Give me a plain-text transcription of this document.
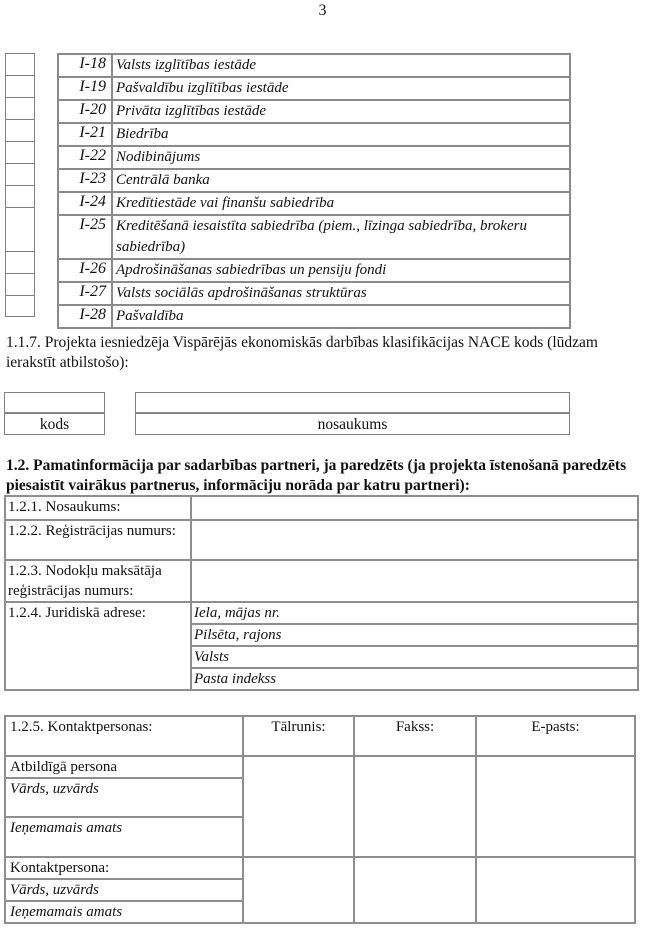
3
I-18	Valsts izglītības iestāde
I-19	Pašvaldību izglītības iestāde
I-20	Privāta izglītības iestāde
I-21	Biedrība
I-22	Nodibinājums
I-23	Centrālā banka
I-24	Kredītiestāde vai finanšu sabiedrība
I-25	Kreditēšanā iesaistīta sabiedrība (piem., līzinga sabiedrība, brokeru sabiedrība)
I-26	Apdrošināšanas sabiedrības un pensiju fondi
I-27	Valsts sociālās apdrošināšanas struktūras
I-28	Pašvaldība
1.1.7. Projekta iesniedzēja Vispārējās ekonomiskās darbības klasifikācijas NACE kods (lūdzam ierakstīt atbilstošo):
kods	nosaukums
1.2. Pamatinformācija par sadarbības partneri, ja paredzēts (ja projekta īstenošanā paredzēts piesaistīt vairākus partnerus, informāciju norāda par katru partneri):
1.2.1. Nosaukums:	
1.2.2. Reģistrācijas numurs:	
1.2.3. Nodokļu maksātāja reģistrācijas numurs:	
1.2.4. Juridiskā adrese:	Iela, mājas nr.
	Pilsēta, rajons
	Valsts
	Pasta indekss
1.2.5. Kontaktpersonas:	Tālrunis:	Fakss:	E-pasts:
Atbildīgā persona			
Vārds, uzvārds			
Ieņemamais amats			
Kontaktpersona:			
Vārds, uzvārds			
Ieņemamais amats			
